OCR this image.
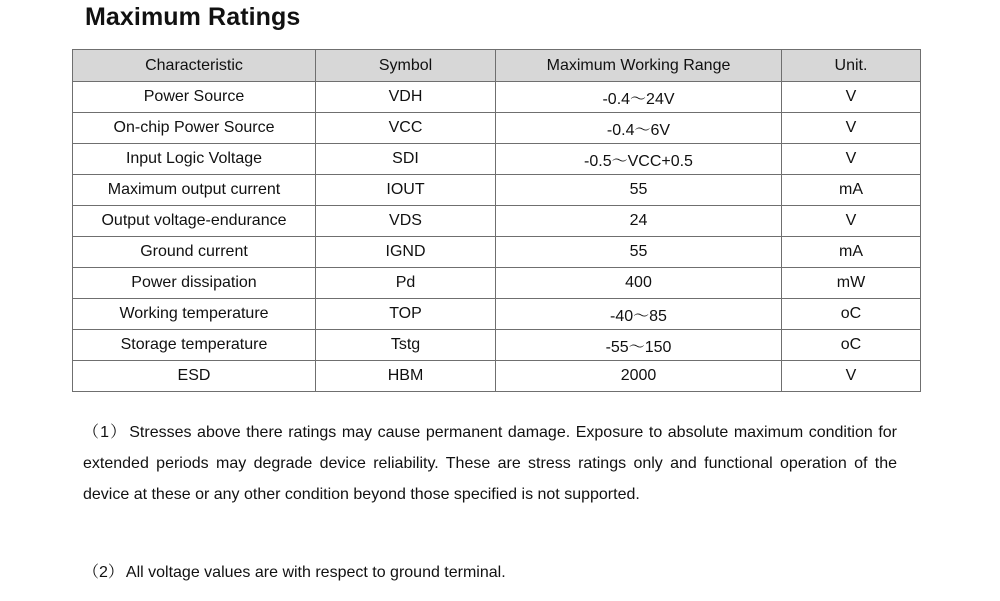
Maximum Ratings
Characteristic	Symbol	Maximum Working Range	Unit.
Power Source	VDH	-0.4～24V	V
On-chip Power Source	VCC	-0.4～6V	V
Input Logic Voltage	SDI	-0.5～VCC+0.5	V
Maximum output current	IOUT	55	mA
Output voltage-endurance	VDS	24	V
Ground current	IGND	55	mA
Power dissipation	Pd	400	mW
Working temperature	TOP	-40～85	oC
Storage temperature	Tstg	-55～150	oC
ESD	HBM	2000	V

（1） Stresses above there ratings may cause permanent damage. Exposure to absolute maximum condition for extended periods may degrade device reliability. These are stress ratings only and functional operation of the device at these or any other condition beyond those specified is not supported.

（2） All voltage values are with respect to ground terminal.
